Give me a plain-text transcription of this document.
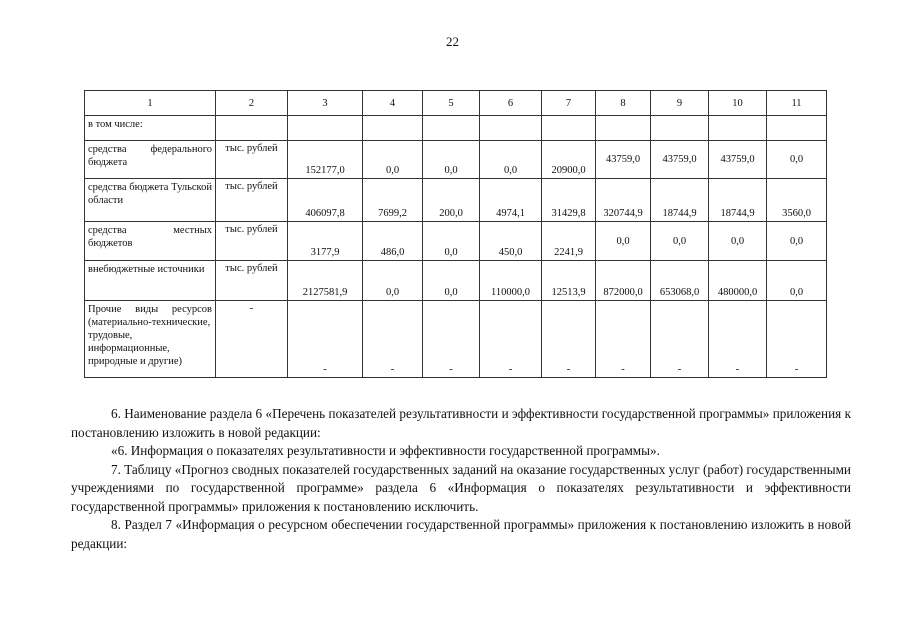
22
1	2	3	4	5	6	7	8	9	10	11
в том числе:										
средства федерального бюджета	тыс. рублей	152177,0	0,0	0,0	0,0	20900,0	43759,0	43759,0	43759,0	0,0
средства бюджета Тульской области	тыс. рублей	406097,8	7699,2	200,0	4974,1	31429,8	320744,9	18744,9	18744,9	3560,0
средства местных бюджетов	тыс. рублей	3177,9	486,0	0,0	450,0	2241,9	0,0	0,0	0,0	0,0
внебюджетные источники	тыс. рублей	2127581,9	0,0	0,0	110000,0	12513,9	872000,0	653068,0	480000,0	0,0
Прочие виды ресурсов (материально-технические, трудовые, информационные, природные и другие)	-	-	-	-	-	-	-	-	-	-

6. Наименование раздела 6 «Перечень показателей результативности и эффективности государственной программы» приложения к постановлению изложить в новой редакции:

«6. Информация о показателях результативности и эффективности государственной программы».

7. Таблицу «Прогноз сводных показателей государственных заданий на оказание государственных услуг (работ) государственными учреждениями по государственной программе» раздела 6 «Информация о показателях результативности и эффективности государственной программы» приложения к постановлению исключить.

8. Раздел 7 «Информация о ресурсном обеспечении государственной программы» приложения к постановлению изложить в новой редакции:
